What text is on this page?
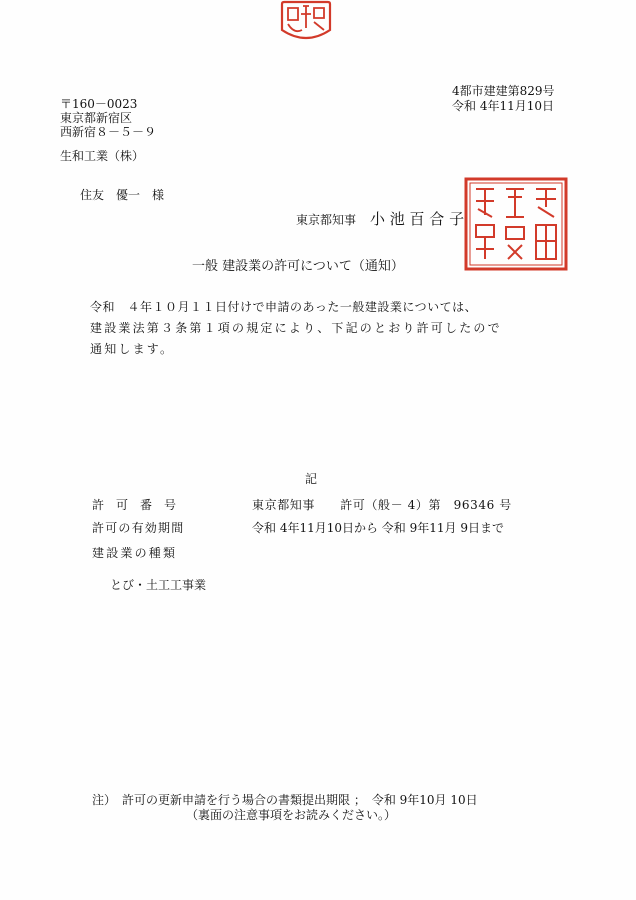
4都市建建第829号
令和 4年11月10日
〒160－0023
東京都新宿区
西新宿８－５－９
生和工業（株）
住友　優一　様
東京都知事 小 池 百 合 子
一般 建設業の許可について（通知）
令和　４年１０月１１日付けで申請のあった一般建設業については、
建設業法第３条第１項の規定により、下記のとおり許可したので
通知します。
記
許　可　番　号	東京都知事　　許可（般－ 4）第　96346 号
許可の有効期間	令和 4年11月10日から 令和 9年11月 9日まで
建設業の種類
とび・土工工事業
注）　許可の更新申請を行う場合の書類提出期限 ；　令和 9年10月 10日
（裏面の注意事項をお読みください。）
